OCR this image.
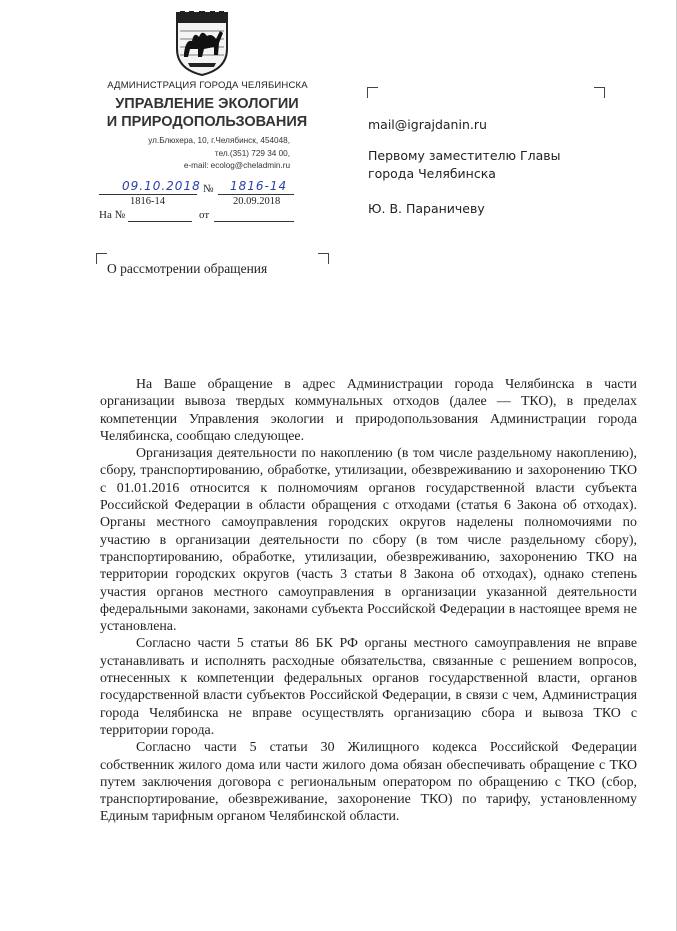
АДМИНИСТРАЦИЯ ГОРОДА ЧЕЛЯБИНСКА
УПРАВЛЕНИЕ ЭКОЛОГИИ
И ПРИРОДОПОЛЬЗОВАНИЯ
ул.Блюхера, 10, г.Челябинск, 454048,
тел.(351) 729 34 00,
e-mail: ecolog@cheladmin.ru
09.10.2018 № 1816-14
1816-14	20.09.2018
На №	от
mail@igrajdanin.ru
Первому заместителю Главы
города Челябинска
Ю. В. Параничеву
О рассмотрении обращения

На Ваше обращение в адрес Администрации города Челябинска в части организации вывоза твердых коммунальных отходов (далее — ТКО), в пределах компетенции Управления экологии и природопользования Администрации города Челябинска, сообщаю следующее.

Организация деятельности по накоплению (в том числе раздельному накоплению), сбору, транспортированию, обработке, утилизации, обезвреживанию и захоронению ТКО с 01.01.2016 относится к полномочиям органов государственной власти субъекта Российской Федерации в области обращения с отходами (статья 6 Закона об отходах). Органы местного самоуправления городских округов наделены полномочиями по участию в организации деятельности по сбору (в том числе раздельному сбору), транспортированию, обработке, утилизации, обезвреживанию, захоронению ТКО на территории городских округов (часть 3 статьи 8 Закона об отходах), однако степень участия органов местного самоуправления в организации указанной деятельности федеральными законами, законами субъекта Российской Федерации в настоящее время не установлена.

Согласно части 5 статьи 86 БК РФ органы местного самоуправления не вправе устанавливать и исполнять расходные обязательства, связанные с решением вопросов, отнесенных к компетенции федеральных органов государственной власти, органов государственной власти субъектов Российской Федерации, в связи с чем, Администрация города Челябинска не вправе осуществлять организацию сбора и вывоза ТКО с территории города.

Согласно части 5 статьи 30 Жилищного кодекса Российской Федерации собственник жилого дома или части жилого дома обязан обеспечивать обращение с ТКО путем заключения договора с региональным оператором по обращению с ТКО (сбор, транспортирование, обезвреживание, захоронение ТКО) по тарифу, установленному Единым тарифным органом Челябинской области.
